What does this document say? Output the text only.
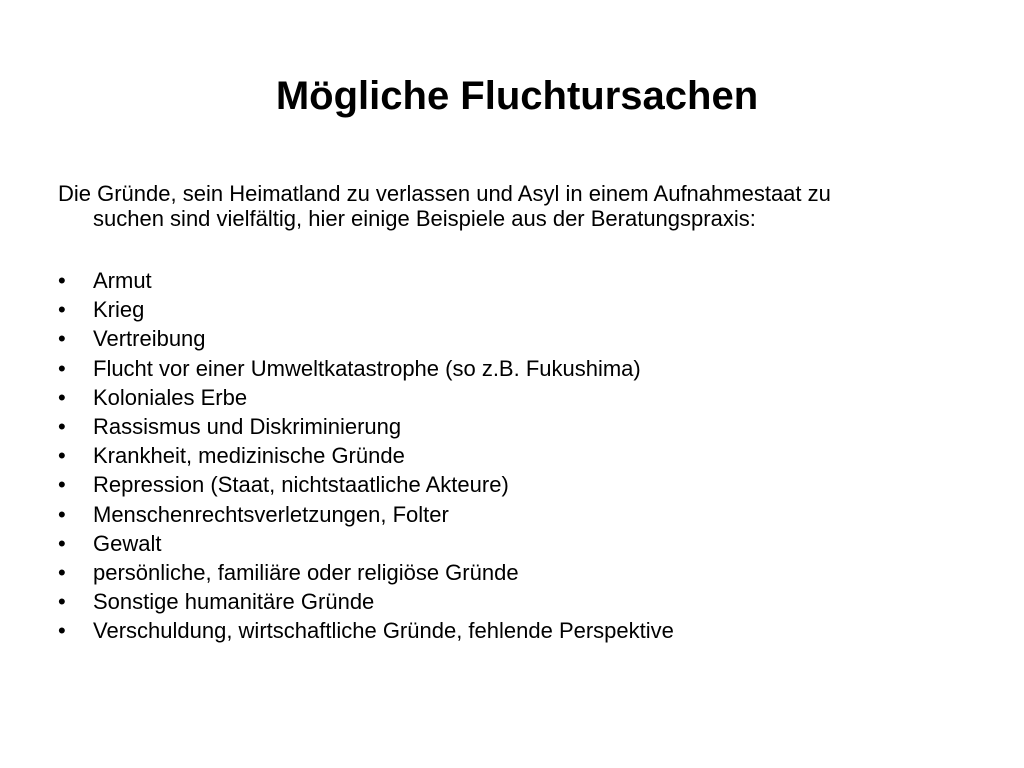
Mögliche Fluchtursachen

Die Gründe, sein Heimatland zu verlassen und Asyl in einem Aufnahmestaat zu
suchen sind vielfältig, hier einige Beispiele aus der Beratungspraxis:

•	Armut
•	Krieg
•	Vertreibung
•	Flucht vor einer Umweltkatastrophe (so z.B. Fukushima)
•	Koloniales Erbe
•	Rassismus und Diskriminierung
•	Krankheit, medizinische Gründe
•	Repression (Staat, nichtstaatliche Akteure)
•	Menschenrechtsverletzungen, Folter
•	Gewalt
•	persönliche, familiäre oder religiöse Gründe
•	Sonstige humanitäre Gründe
•	Verschuldung, wirtschaftliche Gründe, fehlende Perspektive
